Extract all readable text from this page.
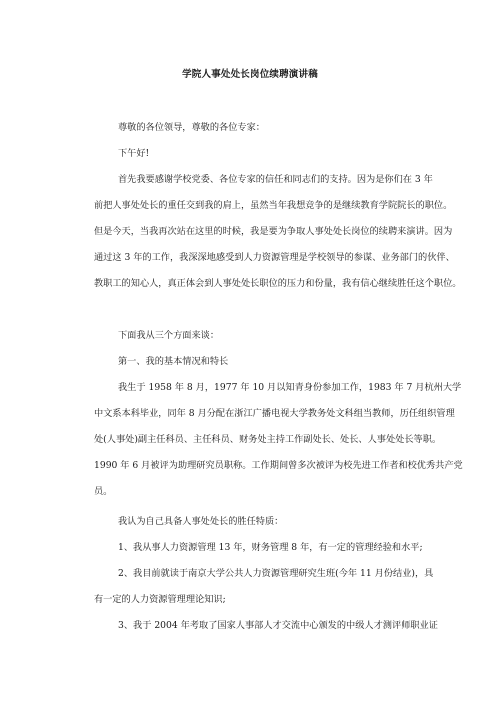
学院人事处处长岗位续聘演讲稿
尊敬的各位领导，尊敬的各位专家：
下午好!
首先我要感谢学校党委、各位专家的信任和同志们的支持。因为是你们在 3 年
前把人事处处长的重任交到我的肩上，虽然当年我想竞争的是继续教育学院院长的职位。
但是今天，当我再次站在这里的时候，我是要为争取人事处处长岗位的续聘来演讲。因为
通过这 3 年的工作，我深深地感受到人力资源管理是学校领导的参谋、业务部门的伙伴、
教职工的知心人，真正体会到人事处处长职位的压力和份量，我有信心继续胜任这个职位。
下面我从三个方面来谈：
第一、我的基本情况和特长
我生于 1958 年 8 月，1977 年 10 月以知青身份参加工作，1983 年 7 月杭州大学
中文系本科毕业，同年 8 月分配在浙江广播电视大学教务处文科组当教师，历任组织管理
处(人事处)副主任科员、主任科员、财务处主持工作副处长、处长、人事处处长等职。
1990 年 6 月被评为助理研究员职称。工作期间曾多次被评为校先进工作者和校优秀共产党
员。
我认为自己具备人事处处长的胜任特质：
1、我从事人力资源管理 13 年，财务管理 8 年，有一定的管理经验和水平;
2、我目前就读于南京大学公共人力资源管理研究生班(今年 11 月份结业)，具
有一定的人力资源管理理论知识;
3、我于 2004 年考取了国家人事部人才交流中心颁发的中级人才测评师职业证
